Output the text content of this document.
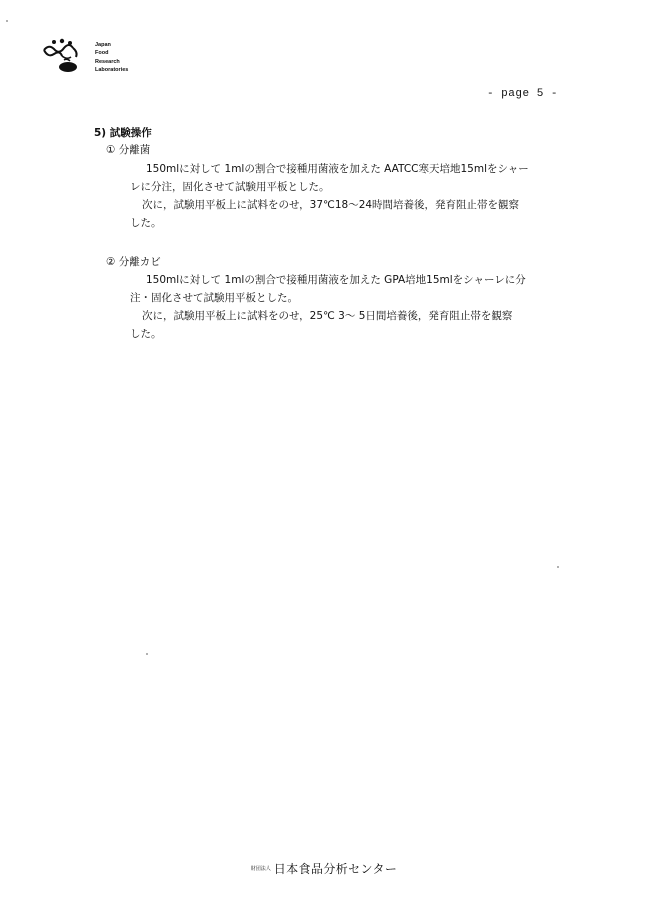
Japan
Food
Research
Laboratories
- page 5 -
5) 試験操作
① 分離菌
150mlに対して 1mlの割合で接種用菌液を加えた AATCC寒天培地15mlをシャー
レに分注，固化させて試験用平板とした。
次に，試験用平板上に試料をのせ，37℃18～24時間培養後，発育阻止帯を観察
した。
② 分離カビ
150mlに対して 1mlの割合で接種用菌液を加えた GPA培地15mlをシャーレに分
注・固化させて試験用平板とした。
次に，試験用平板上に試料をのせ，25℃ 3～ 5日間培養後，発育阻止帯を観察
した。
財団法人 日本食品分析センター
